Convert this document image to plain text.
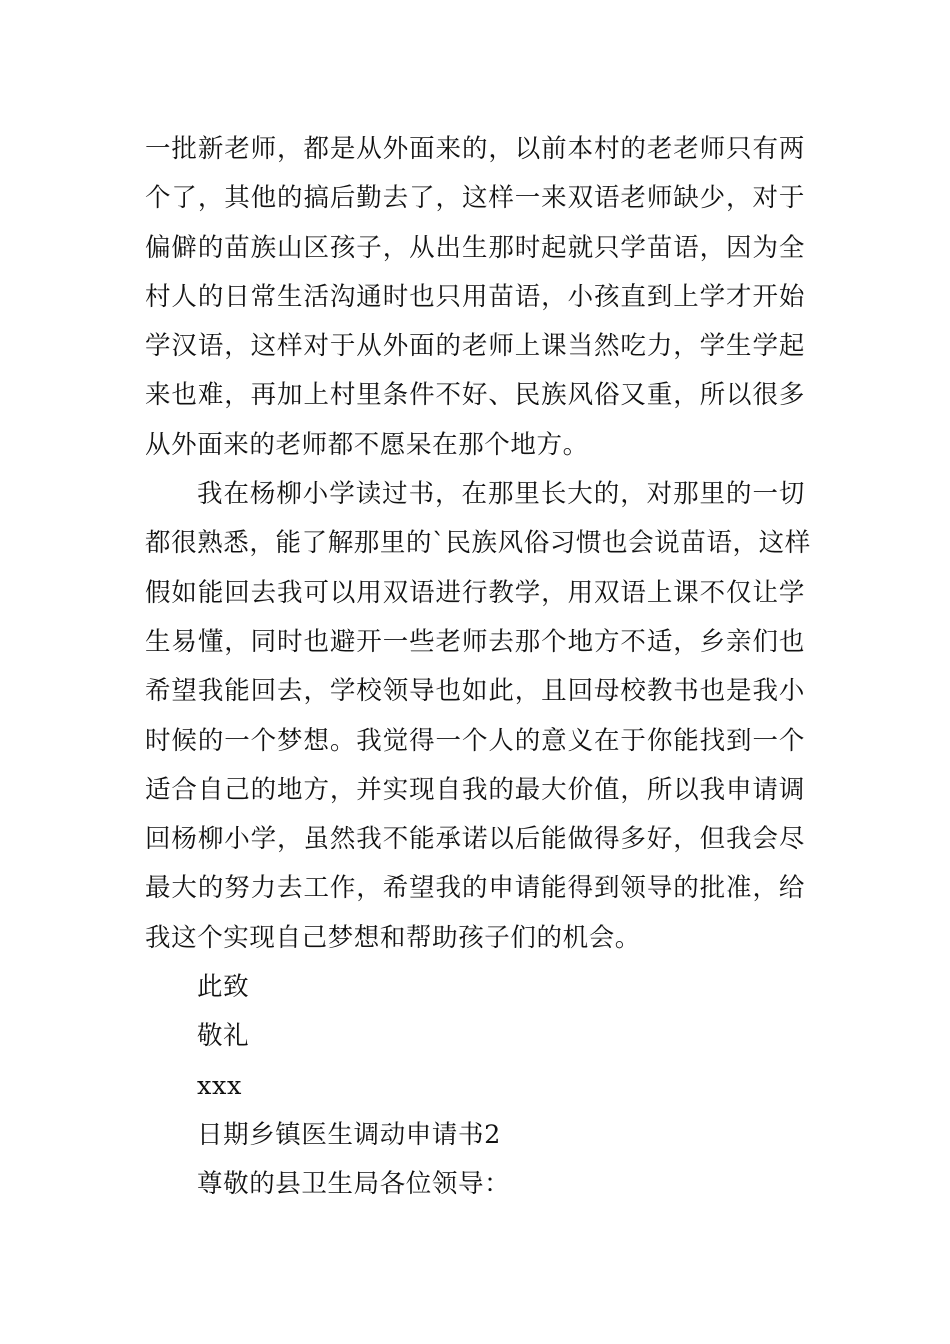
一批新老师，都是从外面来的，以前本村的老老师只有两
个了，其他的搞后勤去了，这样一来双语老师缺少，对于
偏僻的苗族山区孩子，从出生那时起就只学苗语，因为全
村人的日常生活沟通时也只用苗语，小孩直到上学才开始
学汉语，这样对于从外面的老师上课当然吃力，学生学起
来也难，再加上村里条件不好、民族风俗又重，所以很多
从外面来的老师都不愿呆在那个地方。
我在杨柳小学读过书，在那里长大的，对那里的一切
都很熟悉，能了解那里的`民族风俗习惯也会说苗语，这样
假如能回去我可以用双语进行教学，用双语上课不仅让学
生易懂，同时也避开一些老师去那个地方不适，乡亲们也
希望我能回去，学校领导也如此，且回母校教书也是我小
时候的一个梦想。我觉得一个人的意义在于你能找到一个
适合自己的地方，并实现自我的最大价值，所以我申请调
回杨柳小学，虽然我不能承诺以后能做得多好，但我会尽
最大的努力去工作，希望我的申请能得到领导的批准，给
我这个实现自己梦想和帮助孩子们的机会。
此致
敬礼
xxx
日期乡镇医生调动申请书2
尊敬的县卫生局各位领导：
